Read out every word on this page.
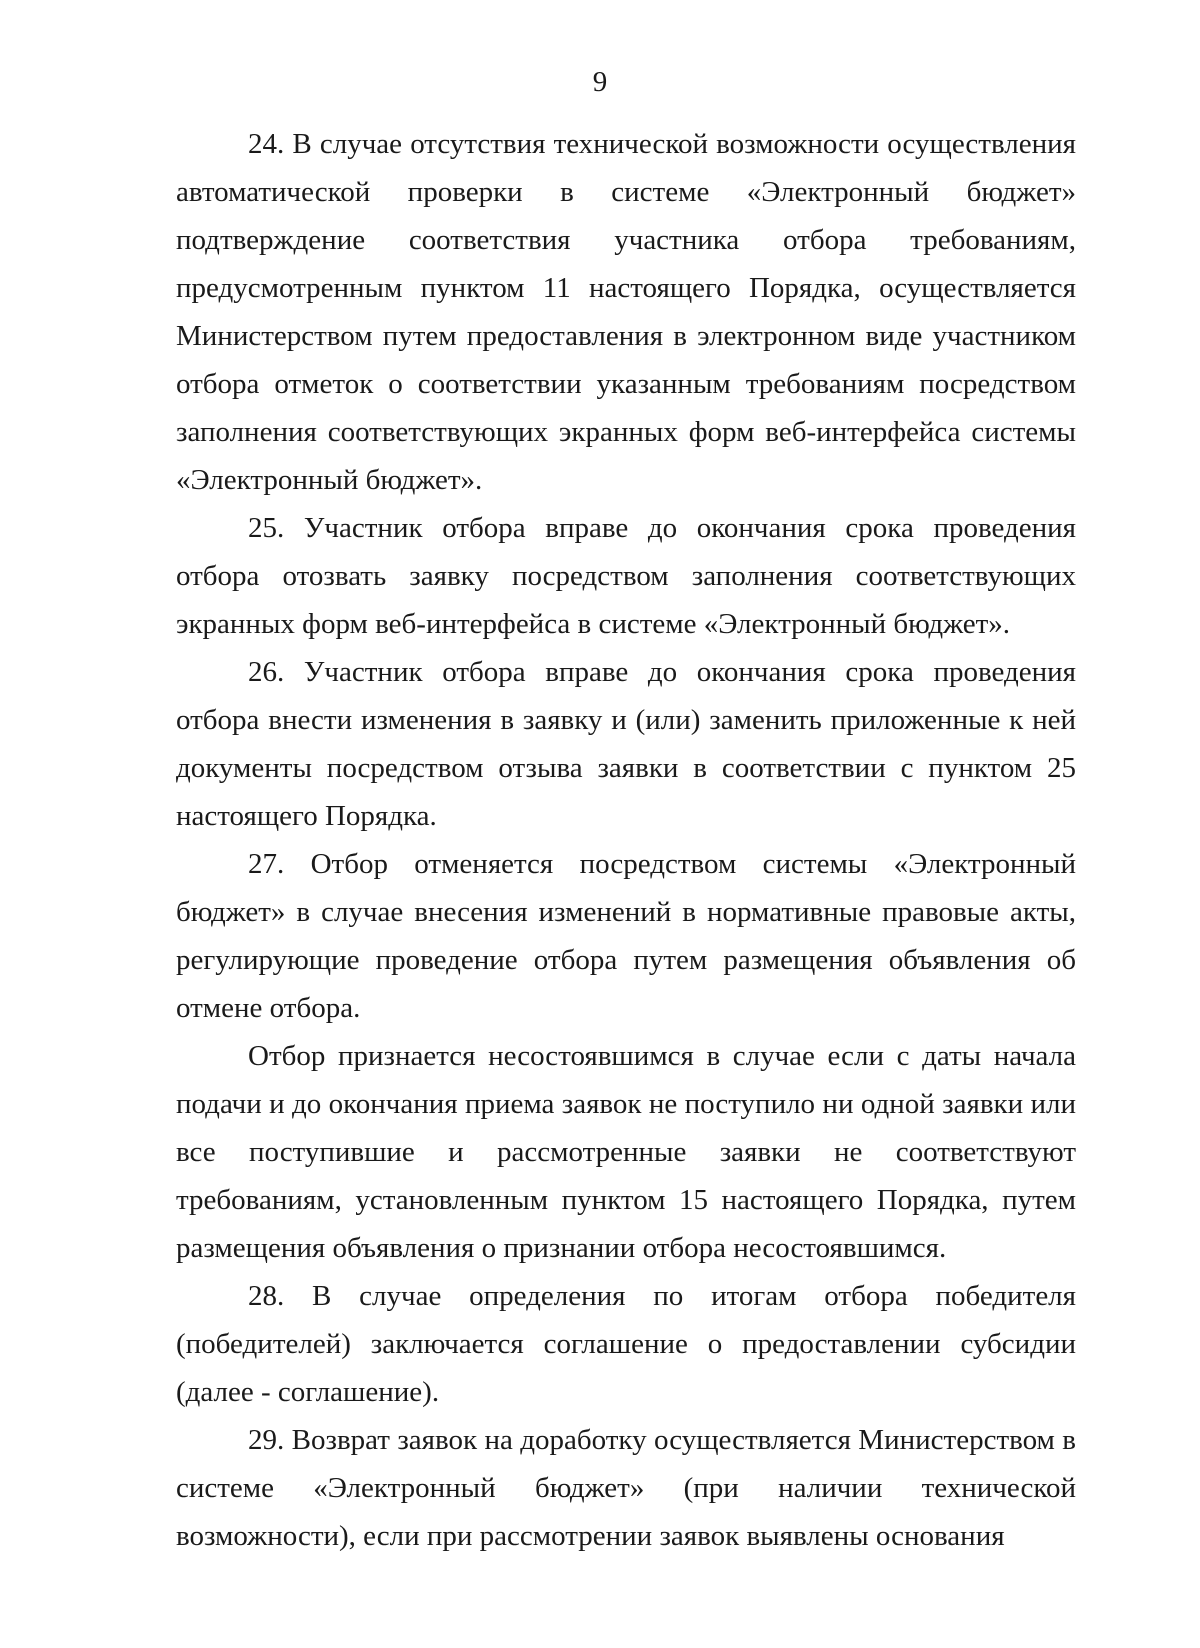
9

24. В случае отсутствия технической возможности осуществления автоматической проверки в системе «Электронный бюджет» подтверждение соответствия участника отбора требованиям, предусмотренным пунктом 11 настоящего Порядка, осуществляется Министерством путем предоставления в электронном виде участником отбора отметок о соответствии указанным требованиям посредством заполнения соответствующих экранных форм веб-интерфейса системы «Электронный бюджет».

25. Участник отбора вправе до окончания срока проведения отбора отозвать заявку посредством заполнения соответствующих экранных форм веб-интерфейса в системе «Электронный бюджет».

26. Участник отбора вправе до окончания срока проведения отбора внести изменения в заявку и (или) заменить приложенные к ней документы посредством отзыва заявки в соответствии с пунктом 25 настоящего Порядка.

27. Отбор отменяется посредством системы «Электронный бюджет» в случае внесения изменений в нормативные правовые акты, регулирующие проведение отбора путем размещения объявления об отмене отбора.

Отбор признается несостоявшимся в случае если с даты начала подачи и до окончания приема заявок не поступило ни одной заявки или все поступившие и рассмотренные заявки не соответствуют требованиям, установленным пунктом 15 настоящего Порядка, путем размещения объявления о признании отбора несостоявшимся.

28. В случае определения по итогам отбора победителя (победителей) заключается соглашение о предоставлении субсидии (далее - соглашение).

29. Возврат заявок на доработку осуществляется Министерством в системе «Электронный бюджет» (при наличии технической возможности), если при рассмотрении заявок выявлены основания
